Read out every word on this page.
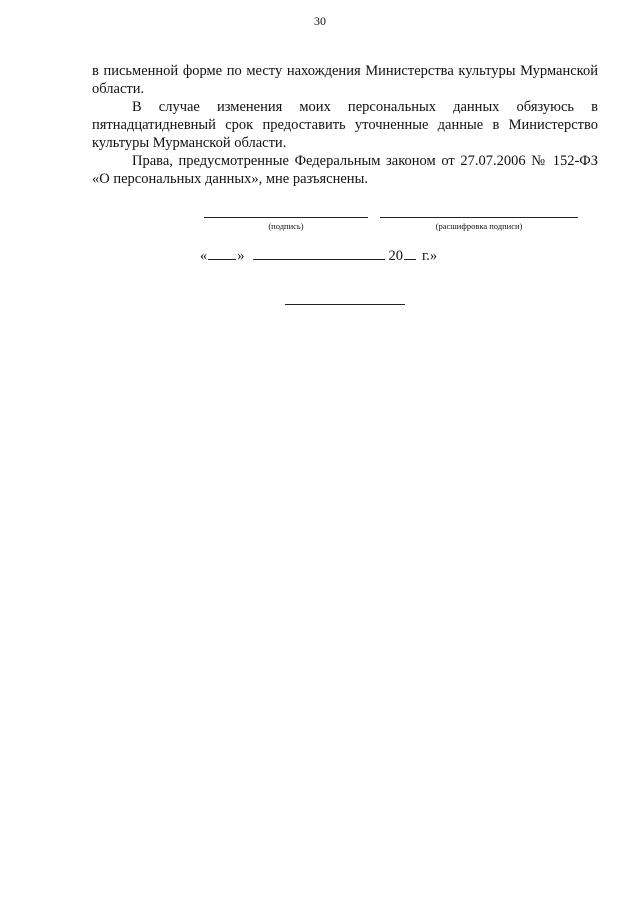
30

в письменной форме по месту нахождения Министерства культуры Мурманской области.

В случае изменения моих персональных данных обязуюсь в пятнадцатидневный срок предоставить уточненные данные в Министерство культуры Мурманской области.

Права, предусмотренные Федеральным законом от 27.07.2006 № 152-ФЗ «О персональных данных», мне разъяснены.

(подпись)	(расшифровка подписи)
« »	20 г.»
